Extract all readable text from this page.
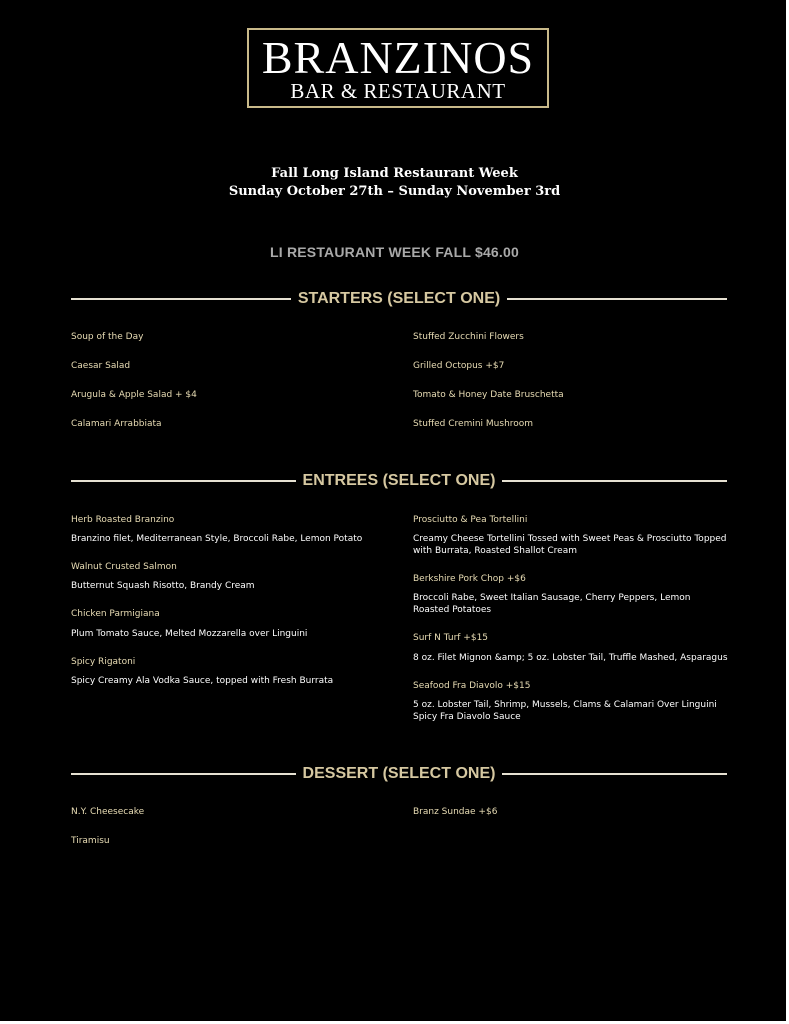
BRANZINOS
BAR & RESTAURANT
Fall Long Island Restaurant Week
Sunday October 27th – Sunday November 3rd
LI RESTAURANT WEEK FALL $46.00
STARTERS (SELECT ONE)
Soup of the Day
Caesar Salad
Arugula & Apple Salad + $4
Calamari Arrabbiata
Stuffed Zucchini Flowers
Grilled Octopus +$7
Tomato & Honey Date Bruschetta
Stuffed Cremini Mushroom
ENTREES (SELECT ONE)
Herb Roasted Branzino
Branzino filet, Mediterranean Style, Broccoli Rabe, Lemon Potato
Walnut Crusted Salmon
Butternut Squash Risotto, Brandy Cream
Chicken Parmigiana
Plum Tomato Sauce, Melted Mozzarella over Linguini
Spicy Rigatoni
Spicy Creamy Ala Vodka Sauce, topped with Fresh Burrata
Prosciutto & Pea Tortellini
Creamy Cheese Tortellini Tossed with Sweet Peas & Prosciutto Topped with Burrata, Roasted Shallot Cream
Berkshire Pork Chop +$6
Broccoli Rabe, Sweet Italian Sausage, Cherry Peppers, Lemon Roasted Potatoes
Surf N Turf +$15
8 oz. Filet Mignon &amp; 5 oz. Lobster Tail, Truffle Mashed, Asparagus
Seafood Fra Diavolo +$15
5 oz. Lobster Tail, Shrimp, Mussels, Clams & Calamari Over Linguini Spicy Fra Diavolo Sauce
DESSERT (SELECT ONE)
N.Y. Cheesecake
Tiramisu
Branz Sundae +$6
